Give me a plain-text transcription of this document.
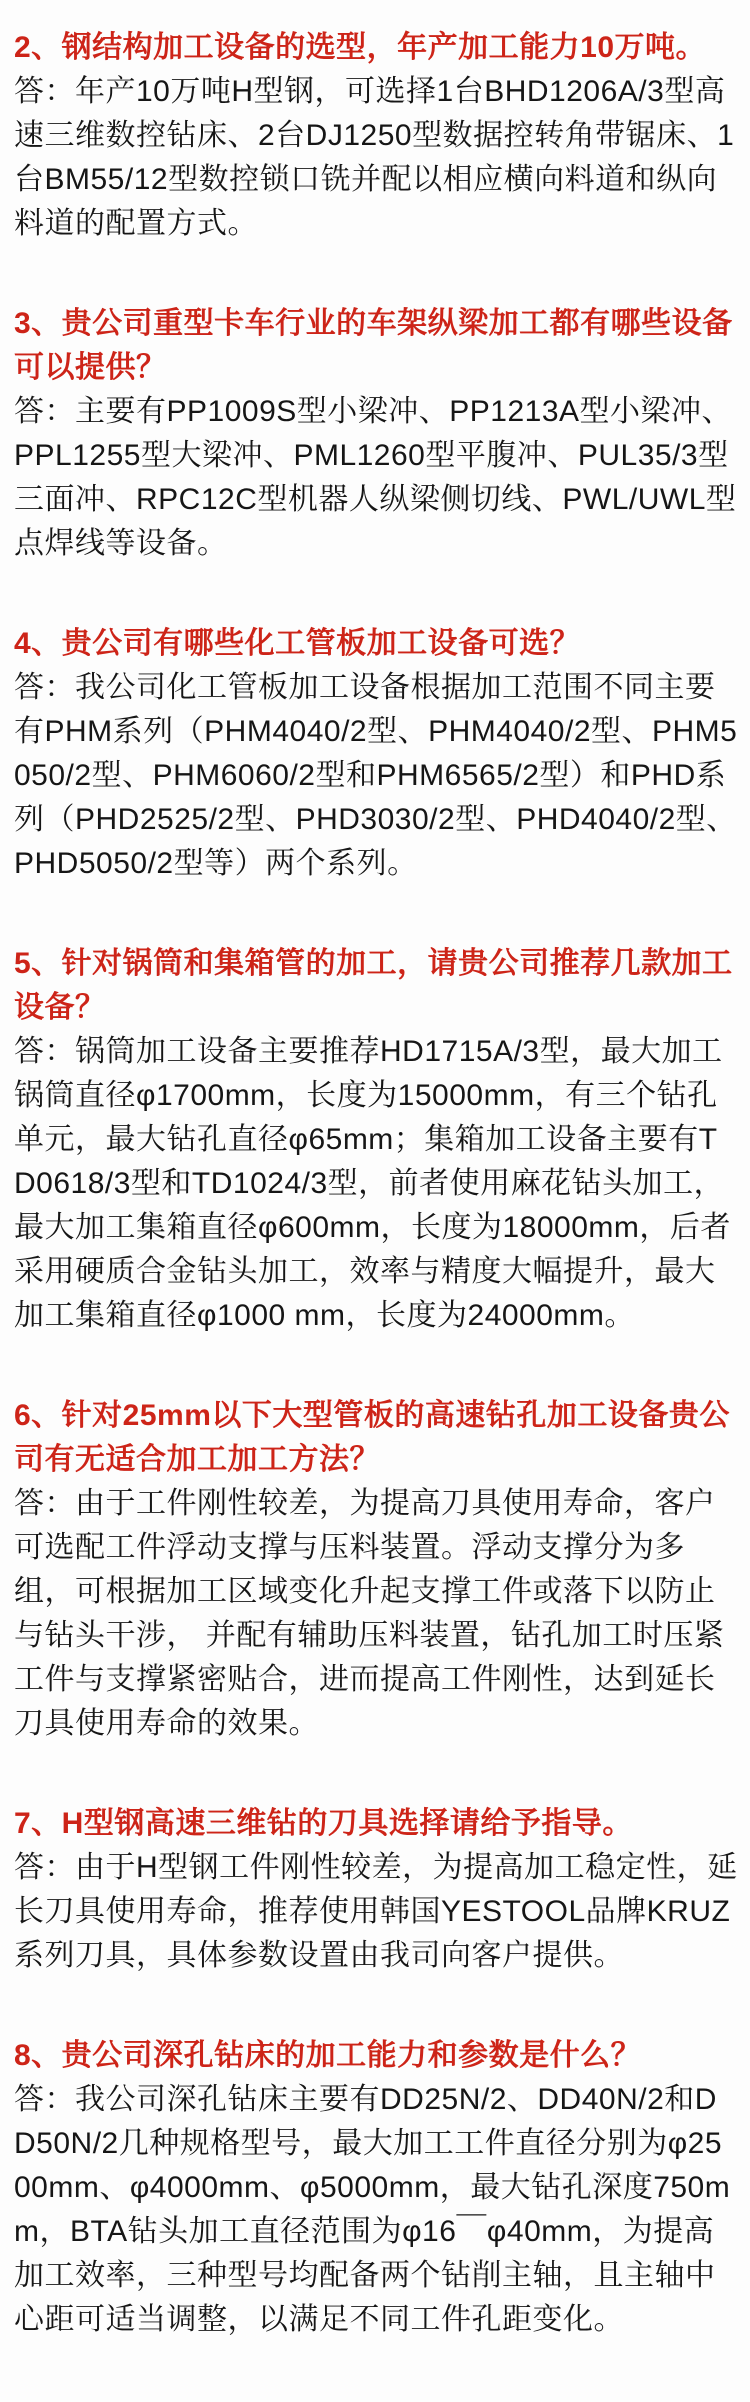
2、钢结构加工设备的选型，年产加工能力10万吨。

答：年产10万吨H型钢，可选择1台BHD1206A/3型高速三维数控钻床、2台DJ1250型数据控转角带锯床、1台BM55/12型数控锁口铣并配以相应横向料道和纵向料道的配置方式。

3、贵公司重型卡车行业的车架纵梁加工都有哪些设备可以提供？

答：主要有PP1009S型小梁冲、PP1213A型小梁冲、PPL1255型大梁冲、PML1260型平腹冲、PUL35/3型三面冲、RPC12C型机器人纵梁侧切线、PWL/UWL型点焊线等设备。

4、贵公司有哪些化工管板加工设备可选？

答：我公司化工管板加工设备根据加工范围不同主要有PHM系列（PHM4040/2型、PHM4040/2型、PHM5050/2型、PHM6060/2型和PHM6565/2型）和PHD系列（PHD2525/2型、PHD3030/2型、PHD4040/2型、PHD5050/2型等）两个系列。

5、针对锅筒和集箱管的加工，请贵公司推荐几款加工设备？

答：锅筒加工设备主要推荐HD1715A/3型，最大加工锅筒直径φ1700mm，长度为15000mm，有三个钻孔单元，最大钻孔直径φ65mm；集箱加工设备主要有TD0618/3型和TD1024/3型，前者使用麻花钻头加工，最大加工集箱直径φ600mm，长度为18000mm，后者采用硬质合金钻头加工，效率与精度大幅提升，最大加工集箱直径φ1000 mm，长度为24000mm。

6、针对25mm以下大型管板的高速钻孔加工设备贵公司有无适合加工加工方法？

答：由于工件刚性较差，为提高刀具使用寿命，客户可选配工件浮动支撑与压料装置。浮动支撑分为多组，可根据加工区域变化升起支撑工件或落下以防止与钻头干涉， 并配有辅助压料装置，钻孔加工时压紧工件与支撑紧密贴合，进而提高工件刚性，达到延长刀具使用寿命的效果。

7、H型钢高速三维钻的刀具选择请给予指导。

答：由于H型钢工件刚性较差，为提高加工稳定性，延长刀具使用寿命，推荐使用韩国YESTOOL品牌KRUZ系列刀具，具体参数设置由我司向客户提供。

8、贵公司深孔钻床的加工能力和参数是什么？

答：我公司深孔钻床主要有DD25N/2、DD40N/2和DD50N/2几种规格型号，最大加工工件直径分别为φ2500mm、φ4000mm、φ5000mm，最大钻孔深度750mm，BTA钻头加工直径范围为φ16￣φ40mm，为提高加工效率，三种型号均配备两个钻削主轴，且主轴中心距可适当调整，以满足不同工件孔距变化。
